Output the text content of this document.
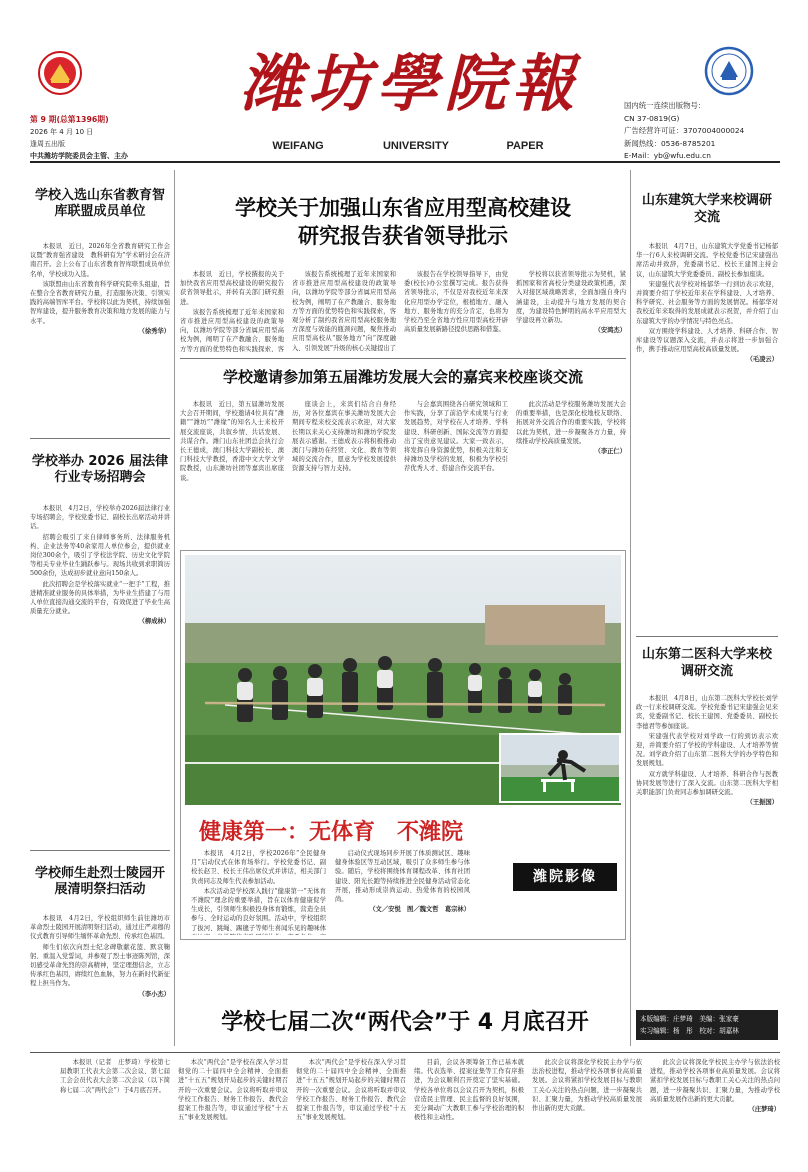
潍坊學院報
第 9 期(总第1396期)
2026 年 4 月 10 日
逢周五出版
中共潍坊学院委员会主管、主办
WEIFANG	UNIVERSITY	PAPER
国内统一连续出版物号：
CN 37-0819(G)
广告经营许可证：3707004000024
新闻热线：0536-8785201
E-Mail：yb@wfu.edu.cn
学校入选山东省教育智库联盟成员单位

本报讯　近日，2026年全省教育研究工作会议暨“教育强省建设　教科研有为”学术研讨会在济南召开。会上公布了山东省教育智库联盟成员单位名单，学校成功入选。

该联盟由山东省教育科学研究院牵头组建，旨在整合全省教育研究力量，打造服务决策、引领实践的高端智库平台。学校将以此为契机，持续加强智库建设，提升服务教育决策和地方发展的能力与水平。

（徐秀华）
学校举办 2026 届法律行业专场招聘会

本报讯　4月2日，学校举办2026届法律行业专场招聘会，学校党委书记、副校长出席活动并讲话。

招聘会吸引了来自律师事务所、法律服务机构、企业法务等40余家用人单位参会，提供就业岗位300余个，吸引了学校法学院、历史文化学院等相关专业毕业生踊跃参与。现场共收到求职简历500余份，达成初步就业意向150余人。

此次招聘会是学校落实就业“一把手”工程，推进精准就业服务的具体举措，为毕业生搭建了与用人单位直接沟通交流的平台，有效促进了毕业生高质量充分就业。

（柳成林）
学校师生赴烈士陵园开展清明祭扫活动

本报讯　4月2日，学校组织师生前往潍坊市革命烈士陵园开展清明祭扫活动，通过庄严肃穆的仪式教育引导师生缅怀革命先烈、传承红色基因。

师生们依次向烈士纪念碑敬献花篮、默哀鞠躬、重温入党誓词，并参观了烈士事迹陈列馆，深切感受革命先烈的崇高精神，坚定理想信念，立志传承红色基因，赓续红色血脉，努力在新时代新征程上担当作为。

（李小杰）
山东建筑大学来校调研交流

本报讯　4月7日，山东建筑大学党委书记杨郁华一行6人来校调研交流。学校党委书记宋建强出席活动并致辞，党委副书记、校长王建国主持会议，山东建筑大学党委委员、副校长参加座谈。

宋建强代表学校对杨郁华一行到访表示欢迎，并简要介绍了学校近年来在学科建设、人才培养、科学研究、社会服务等方面的发展情况。杨郁华对我校近年来取得的发展成就表示祝贺，并介绍了山东建筑大学的办学情况与特色亮点。

双方围绕学科建设、人才培养、科研合作、智库建设等议题深入交流，并表示将进一步加强合作，携手推动应用型高校高质量发展。

（毛凌云）
山东第二医科大学来校调研交流

本报讯　4月8日，山东第二医科大学校长刘学政一行来校调研交流。学校党委书记宋建强会见来宾，党委副书记、校长王建国、党委委员、副校长李德君等参加座谈。

宋建强代表学校对刘学政一行的到访表示欢迎，并简要介绍了学校的学科建设、人才培养等情况。刘学政介绍了山东第二医科大学的办学特色和发展规划。

双方就学科建设、人才培养、科研合作与医教协同发展等进行了深入交流。山东第二医科大学相关职能部门负责同志参加调研交流。

（王振国）
本版编辑：庄梦琦　美编：张家豪
实习编辑：杨　彤　校对：胡嘉林
学校关于加强山东省应用型高校建设
研究报告获省领导批示

本报讯　近日，学校撰报的关于加快我省应用型高校建设的研究报告获省领导批示，并转有关部门研究推进。

该报告系统梳理了近年来国家和省市推进应用型高校建设的政策导向，以潍坊学院等部分省属应用型高校为例，阐明了在产教融合、服务地方等方面的优势特色和实践探索，客

该报告系统梳理了近年来国家和省市推进应用型高校建设的政策导向，以潍坊学院等部分省属应用型高校为例，阐明了在产教融合、服务地方等方面的优势特色和实践探索，客观分析了制约我省应用型高校服务地方深度与效能的瓶颈问题，聚焦推动应用型高校从“服务地方”向“深度融入、引领发展”升级的核心关键提出了

该报告在学校领导指导下，由党委(校长)办公室撰写完成。报告获得省领导批示，不仅是对我校近年来深化应用型办学定位，根植地方、融入地方、服务地方的充分肯定，也将为学校乃至全省地方性应用型高校开辟高质量发展新路径提供思路和借鉴。

学校将以获省领导批示为契机，紧抓国家和省高校分类建设政策机遇，深入对接区域战略需求，全面加强自身内涵建设，主动提升与地方发展的契合度，为建设特色鲜明的高水平应用型大学建设再立新功。

（安鸿杰）
学校邀请参加第五届潍坊发展大会的嘉宾来校座谈交流

本报讯　近日，第五届潍坊发展大会召开期间，学校邀请4位具有“潍籍”“潍坊”“潍缘”的知名人士来校开展交流座谈，共叙乡情、共话发展、共谋合作。潍门山东社团总会执行会长王德成，澳门科技大学副校长、澳门科技大学教授，香港中文大学文学院教授，山东潍坊社团等嘉宾出席座谈。

座谈会上，来宾们结合自身经历，对各位嘉宾在事关潍坊发展大会期间专程来校交流表示欢迎，对大家长期以来关心支持潍坊和潍坊学院发展表示感谢。王德成表示将积极推动澳门与潍坊在经贸、文化、教育等领域的交流合作，愿意为学校发展提供资源支持与智力支持。

与会嘉宾围绕各自研究领域和工作实践，分享了前沿学术成果与行业发展趋势，对学校在人才培养、学科建设、科研创新、国际交流等方面提出了宝贵意见建议。大家一致表示，将发挥自身资源优势，积极关注和支持潍坊及学校的发展，积极为学校引荐优秀人才、搭建合作交流平台。

此次活动是学校服务潍坊发展大会的重要举措，也是深化校地校友联络、拓展对外交流合作的重要实践，学校将以此为契机，进一步凝聚各方力量，持续推动学校高质量发展。

（李正仁）
健康第一：无体育　不潍院

本报讯　4月2日，学校2026年“全民健身月”启动仪式在体育场举行。学校党委书记、副校长赵卫、校长王伟出席仪式并讲话，相关部门负责同志及师生代表参加活动。

本次活动是学校深入践行“健康第一”无体育　不潍院”理念的重要举措，旨在以体育健康促学生成长，引领师生积极投身体育锻炼，营造全员参与、全时运动的良好氛围。活动中，学校组织了拔河、跳绳、踢毽子等师生喜闻乐见的趣味体

启动仪式现场同步开展了体质测试区、趣味健身体验区等互动区域，吸引了众多师生参与体验。随后，学校将围绕体育课程改革、体育社团建设、阳光长跑等持续推进全民健身活动常态化开展，推动形成崇尚运动、热爱体育的校园风尚。

（文／安悦　图／魏文哲　葛宗林）
潍院影像
学校七届二次“两代会”于 4 月底召开

本报讯（记者　庄梦琦）学校第七届教职工代表大会第二次会议、第七届工会会员代表大会第二次会议（以下简称七届二次“两代会”）于4月底召开。

本次“两代会”是学校在深入学习贯彻党的二十届四中全会精神、全面推进“十五五”规划开局起步的关键时期召开的一次重要会议。会议将听取并审议学校工作报告、财务工作报告、教代会提案工作报告等，审议通过学校“十五五”事业发展规划。

本次“两代会”是学校在深入学习贯彻党的二十届四中全会精神、全面推进“十五五”规划开局起步的关键时期召开的一次重要会议。会议将听取并审议学校工作报告、财务工作报告、教代会提案工作报告等，审议通过学校“十五五”事业发展规划。

目前，会议各项筹备工作已基本就绪。代表选举、提案征集等工作有序推进，为会议顺利召开奠定了坚实基础。学校各单位将以会议召开为契机，积极营造民主管理、民主监督的良好氛围，充分调动广大教职工参与学校治理的积极性和主动性。

此次会议将深化学校民主办学与依法治校进程，推动学校各项事业高质量发展。会议将紧扣学校发展目标与教职工关心关注的热点问题，进一步凝聚共识、汇聚力量，为推动学校高质量发展作出新的更大贡献。

此次会议将深化学校民主办学与依法治校进程，推动学校各项事业高质量发展。会议将紧扣学校发展目标与教职工关心关注的热点问题，进一步凝聚共识、汇聚力量，为推动学校高质量发展作出新的更大贡献。

（庄梦琦）
